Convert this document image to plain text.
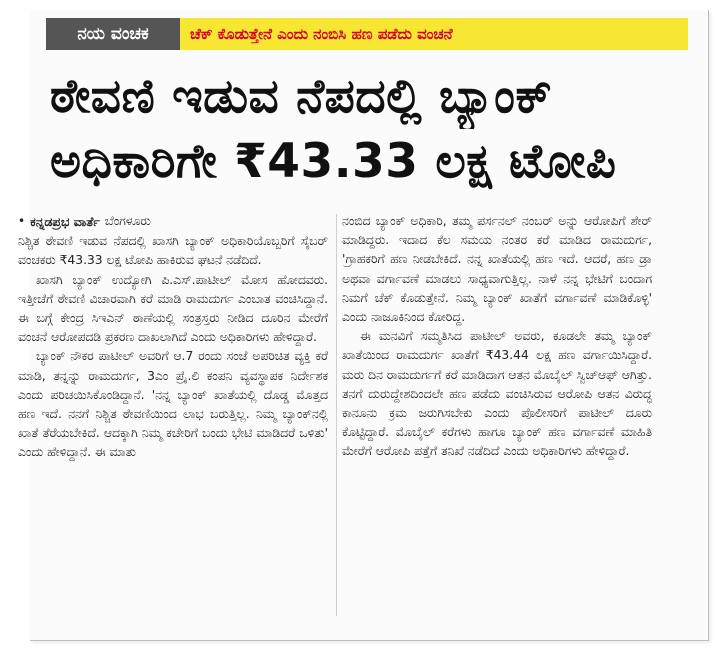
ನಯ ವಂಚಕ	ಚೆಕ್ ಕೊಡುತ್ತೇನೆ ಎಂದು ನಂಬಿಸಿ ಹಣ ಪಡೆದು ವಂಚನೆ
ಠೇವಣಿ ಇಡುವ ನೆಪದಲ್ಲಿ ಬ್ಯಾಂಕ್
ಅಧಿಕಾರಿಗೇ ₹43.33 ಲಕ್ಷ ಟೋಪಿ
• ಕನ್ನಡಪ್ರಭ ವಾರ್ತೆ ಬೆಂಗಳೂರು

ನಿಶ್ಚಿತ ಠೇವಣಿ ಇಡುವ ನೆಪದಲ್ಲಿ ಖಾಸಗಿ ಬ್ಯಾಂಕ್ ಅಧಿಕಾರಿಯೊಬ್ಬರಿಗೆ ಸೈಬರ್ ವಂಚಕರು ₹43.33 ಲಕ್ಷ ಟೋಪಿ ಹಾಕಿರುವ ಘಟನೆ ನಡೆದಿದೆ.

ಖಾಸಗಿ ಬ್ಯಾಂಕ್ ಉದ್ಯೋಗಿ ಪಿ.ಎಸ್.ಪಾಟೀಲ್ ಮೋಸ ಹೋದವರು. ಇತ್ತೀಚೆಗೆ ಠೇವಣಿ ವಿಚಾರವಾಗಿ ಕರೆ ಮಾಡಿ ರಾಮದುರ್ಗ ಎಂಬಾತ ವಂಚಿಸಿದ್ದಾನೆ. ಈ ಬಗ್ಗೆ ಕೇಂದ್ರ ಸಿಇಎನ್ ಠಾಣೆಯಲ್ಲಿ ಸಂತ್ರಸ್ತರು ನೀಡಿದ ದೂರಿನ ಮೇರೆಗೆ ವಂಚನೆ ಆರೋಪದಡಿ ಪ್ರಕರಣ ದಾಖಲಾಗಿದೆ ಎಂದು ಅಧಿಕಾರಿಗಳು ಹೇಳಿದ್ದಾರೆ.

ಬ್ಯಾಂಕ್ ನೌಕರ ಪಾಟೀಲ್ ಅವರಿಗೆ ಆ.7 ರಂದು ಸಂಜೆ ಅಪರಿಚಿತ ವ್ಯಕ್ತಿ ಕರೆ ಮಾಡಿ, ತನ್ನನ್ನು ರಾಮದುರ್ಗ, 3ಎಂ ಪ್ರೈ.ಲಿ ಕಂಪನಿ ವ್ಯವಸ್ಥಾಪಕ ನಿರ್ದೇಶಕ ಎಂದು ಪರಿಚಯಿಸಿಕೊಂಡಿದ್ದಾನೆ. 'ನನ್ನ ಬ್ಯಾಂಕ್ ಖಾತೆಯಲ್ಲಿ ದೊಡ್ಡ ಮೊತ್ತದ ಹಣ ಇದೆ. ನನಗೆ ನಿಶ್ಚಿತ ಠೇವಣಿಯಿಂದ ಲಾಭ ಬರುತ್ತಿಲ್ಲ. ನಿಮ್ಮ ಬ್ಯಾಂಕ್‌ನಲ್ಲಿ ಖಾತೆ ತೆರೆಯಬೇಕಿದೆ. ಆದಕ್ಕಾಗಿ ನಿಮ್ಮ ಕಚೇರಿಗೆ ಬಂದು ಭೇಟಿ ಮಾಡಿದರೆ ಒಳಿತು' ಎಂದು ಹೇಳಿದ್ದಾನೆ. ಈ ಮಾತು

ನಂಬಿದ ಬ್ಯಾಂಕ್ ಅಧಿಕಾರಿ, ತಮ್ಮ ಪರ್ಸನಲ್ ನಂಬರ್ ಅನ್ನು ಆರೋಪಿಗೆ ಶೇರ್ ಮಾಡಿದ್ದರು. ಇದಾದ ಕೆಲ ಸಮಯ ನಂತರ ಕರೆ ಮಾಡಿದ ರಾಮದುರ್ಗ, 'ಗ್ರಾಹಕರಿಗೆ ಹಣ ನೀಡಬೇಕಿದೆ. ನನ್ನ ಖಾತೆಯಲ್ಲಿ ಹಣ ಇದೆ. ಆದರೆ, ಹಣ ಡ್ರಾ ಅಥವಾ ವರ್ಗಾವಣೆ ಮಾಡಲು ಸಾಧ್ಯವಾಗುತ್ತಿಲ್ಲ. ನಾಳೆ ನನ್ನ ಭೇಟಿಗೆ ಬಂದಾಗ ನಿಮಗೆ ಚೆಕ್ ಕೊಡುತ್ತೇನೆ. ನಿಮ್ಮ ಬ್ಯಾಂಕ್ ಖಾತೆಗೆ ವರ್ಗಾವಣೆ ಮಾಡಿಕೊಳ್ಳಿ' ಎಂದು ನಾಜೂಕಿನಿಂದ ಕೋರಿದ್ದ.

ಈ ಮನವಿಗೆ ಸಮ್ಮತಿಸಿದ ಪಾಟೀಲ್ ಅವರು, ಕೂಡಲೇ ತಮ್ಮ ಬ್ಯಾಂಕ್ ಖಾತೆಯಿಂದ ರಾಮದುರ್ಗ ಖಾತೆಗೆ ₹43.44 ಲಕ್ಷ ಹಣ ವರ್ಗಾಯಿಸಿದ್ದಾರೆ. ಮರು ದಿನ ರಾಮದುರ್ಗಗೆ ಕರೆ ಮಾಡಿದಾಗ ಆತನ ಮೊಬೈಲ್ ಸ್ವಿಚ್‌ಆಫ್ ಆಗಿತ್ತು. ತನಗೆ ದುರುದ್ದೇಶದಿಂದಲೇ ಹಣ ಪಡೆದು ವಂಚಿಸಿರುವ ಆರೋಪಿ ಆತನ ವಿರುದ್ಧ ಕಾನೂನು ಕ್ರಮ ಜರುಗಿಸಬೇಕು ಎಂದು ಪೊಲೀಸರಿಗೆ ಪಾಟೀಲ್ ದೂರು ಕೊಟ್ಟಿದ್ದಾರೆ. ಮೊಬೈಲ್ ಕರೆಗಳು ಹಾಗೂ ಬ್ಯಾಂಕ್ ಹಣ ವರ್ಗಾವಣೆ ಮಾಹಿತಿ ಮೇರೆಗೆ ಆರೋಪಿ ಪತ್ತೆಗೆ ತನಿಖೆ ನಡೆದಿದೆ ಎಂದು ಅಧಿಕಾರಿಗಳು ಹೇಳಿದ್ದಾರೆ.
